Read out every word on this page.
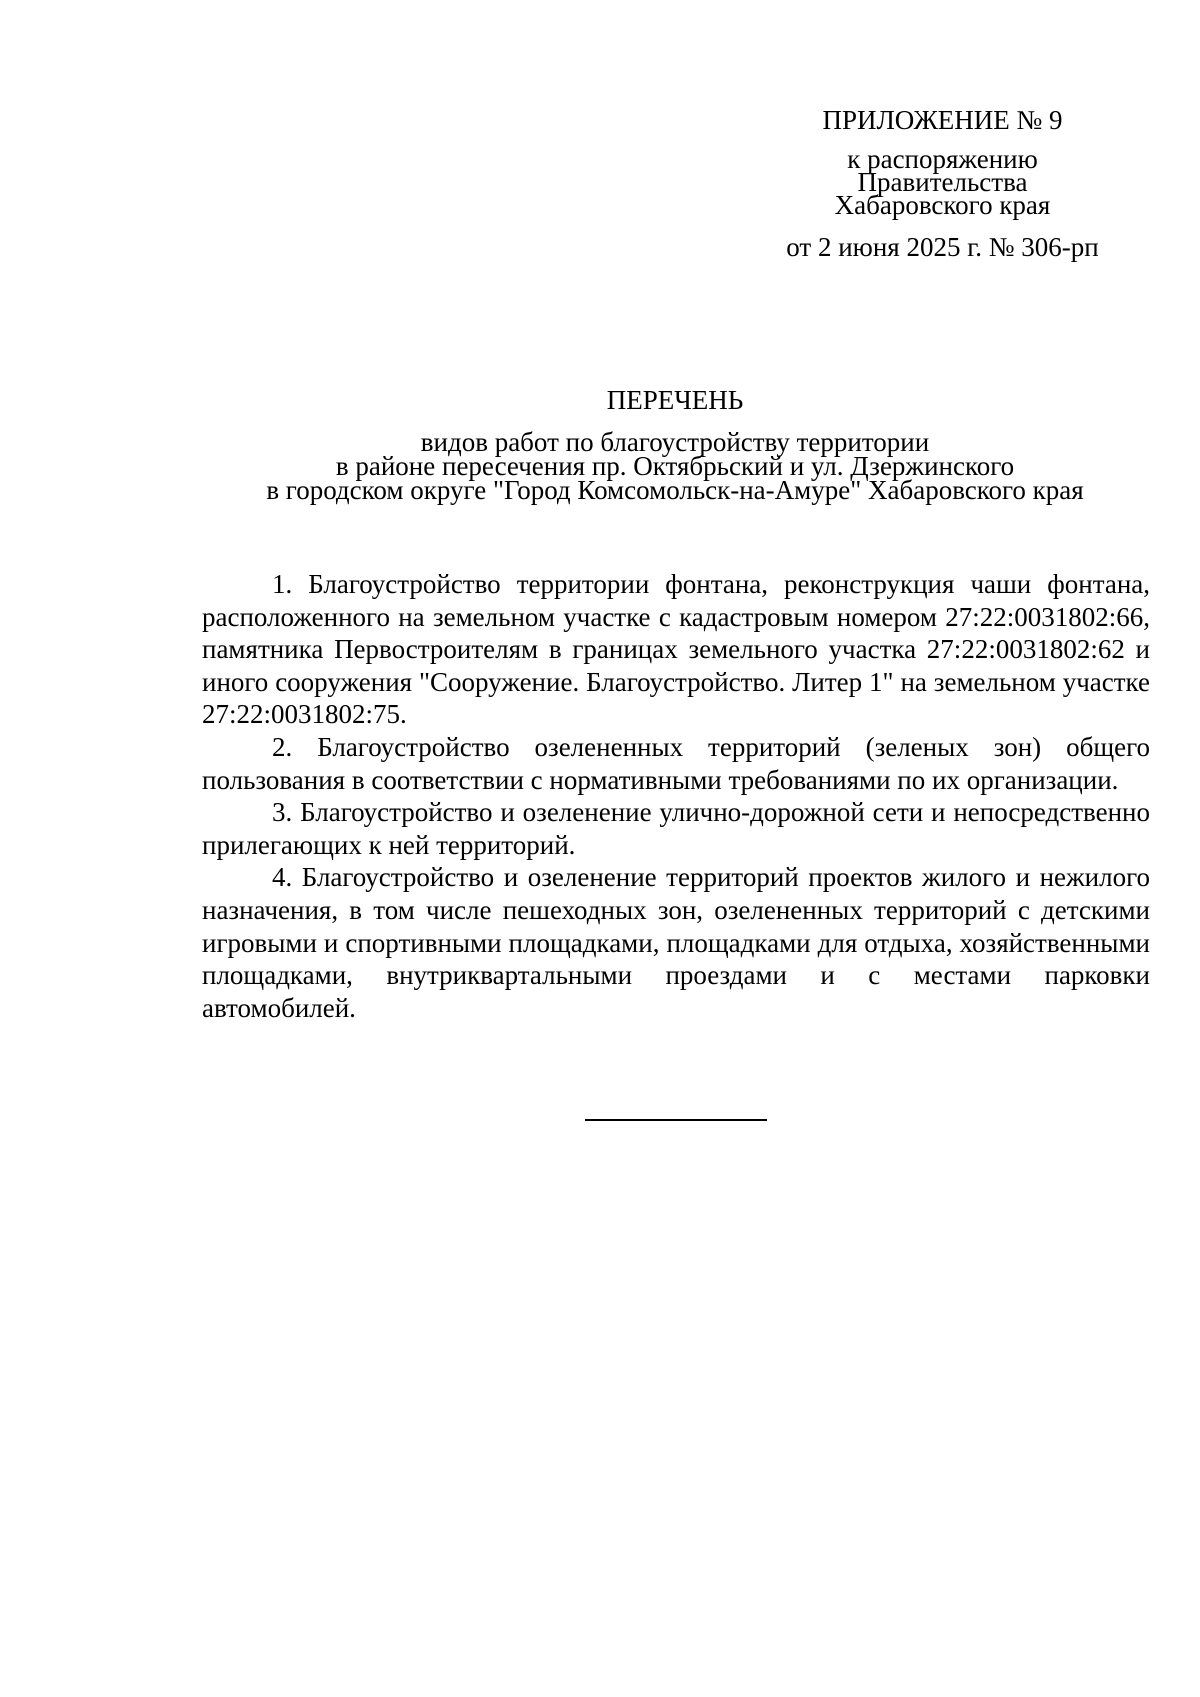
ПРИЛОЖЕНИЕ № 9
к распоряжению
Правительства
Хабаровского края
от 2 июня 2025 г. № 306-рп
ПЕРЕЧЕНЬ
видов работ по благоустройству территории
в районе пересечения пр. Октябрьский и ул. Дзержинского
в городском округе "Город Комсомольск-на-Амуре" Хабаровского края

1. Благоустройство территории фонтана, реконструкция чаши фонтана, расположенного на земельном участке с кадастровым номером 27:22:0031802:66, памятника Первостроителям в границах земельного участка 27:22:0031802:62 и иного сооружения "Сооружение. Благоустройство. Литер 1" на земельном участке 27:22:0031802:75.

2. Благоустройство озелененных территорий (зеленых зон) общего пользования в соответствии с нормативными требованиями по их организации.

3. Благоустройство и озеленение улично-дорожной сети и непосредственно прилегающих к ней территорий.

4. Благоустройство и озеленение территорий проектов жилого и нежилого назначения, в том числе пешеходных зон, озелененных территорий с детскими игровыми и спортивными площадками, площадками для отдыха, хозяйственными площадками, внутриквартальными проездами и с местами парковки автомобилей.
